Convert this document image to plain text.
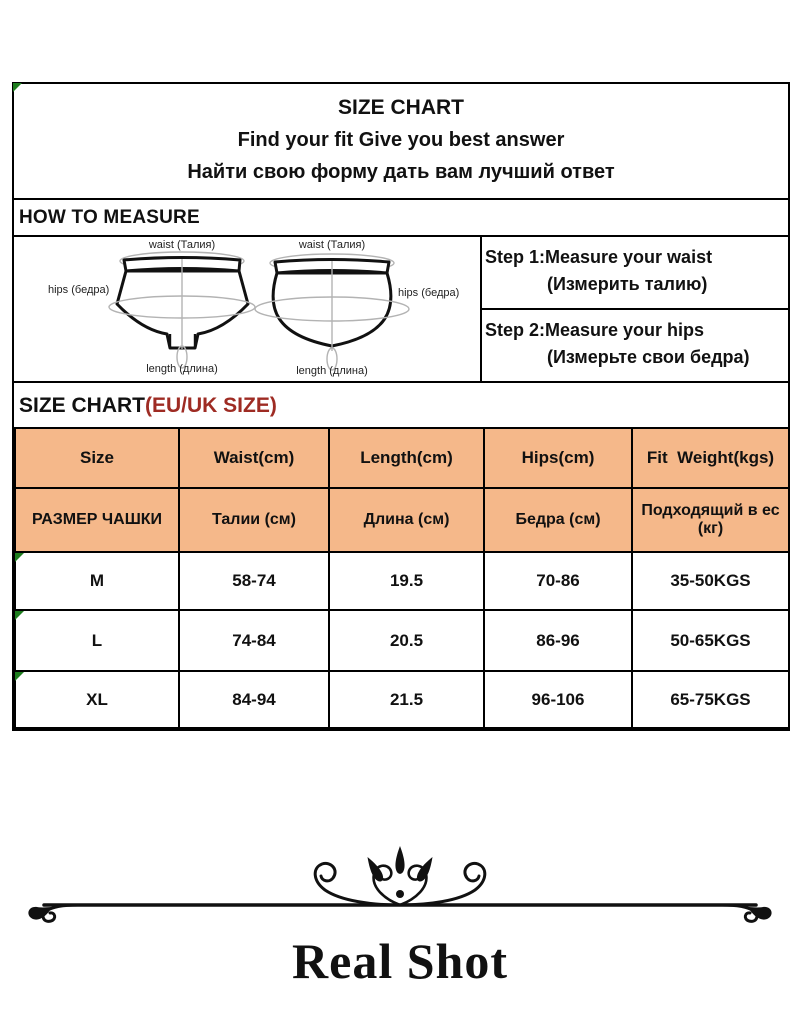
SIZE CHART
Find your fit Give you best answer
Найти свою форму дать вам лучший ответ
HOW TO MEASURE
waist (Талия)
hips (бедра)
length (длина)
waist (Талия)
hips (бедра)
length (длина)
Step 1:Measure your waist
(Измерить талию)
Step 2:Measure your hips
(Измерьте свои бедра)
SIZE CHART(EU/UK SIZE)
Size	Waist(cm)	Length(cm)	Hips(cm)	Fit  Weight(kgs)
РАЗМЕР ЧАШКИ	Талии (см)	Длина (см)	Бедра (см)	Подходящий в ес (кг)

M	58-74	19.5	70-86	35-50KGS

L	74-84	20.5	86-96	50-65KGS

XL	84-94	21.5	96-106	65-75KGS
Real Shot
